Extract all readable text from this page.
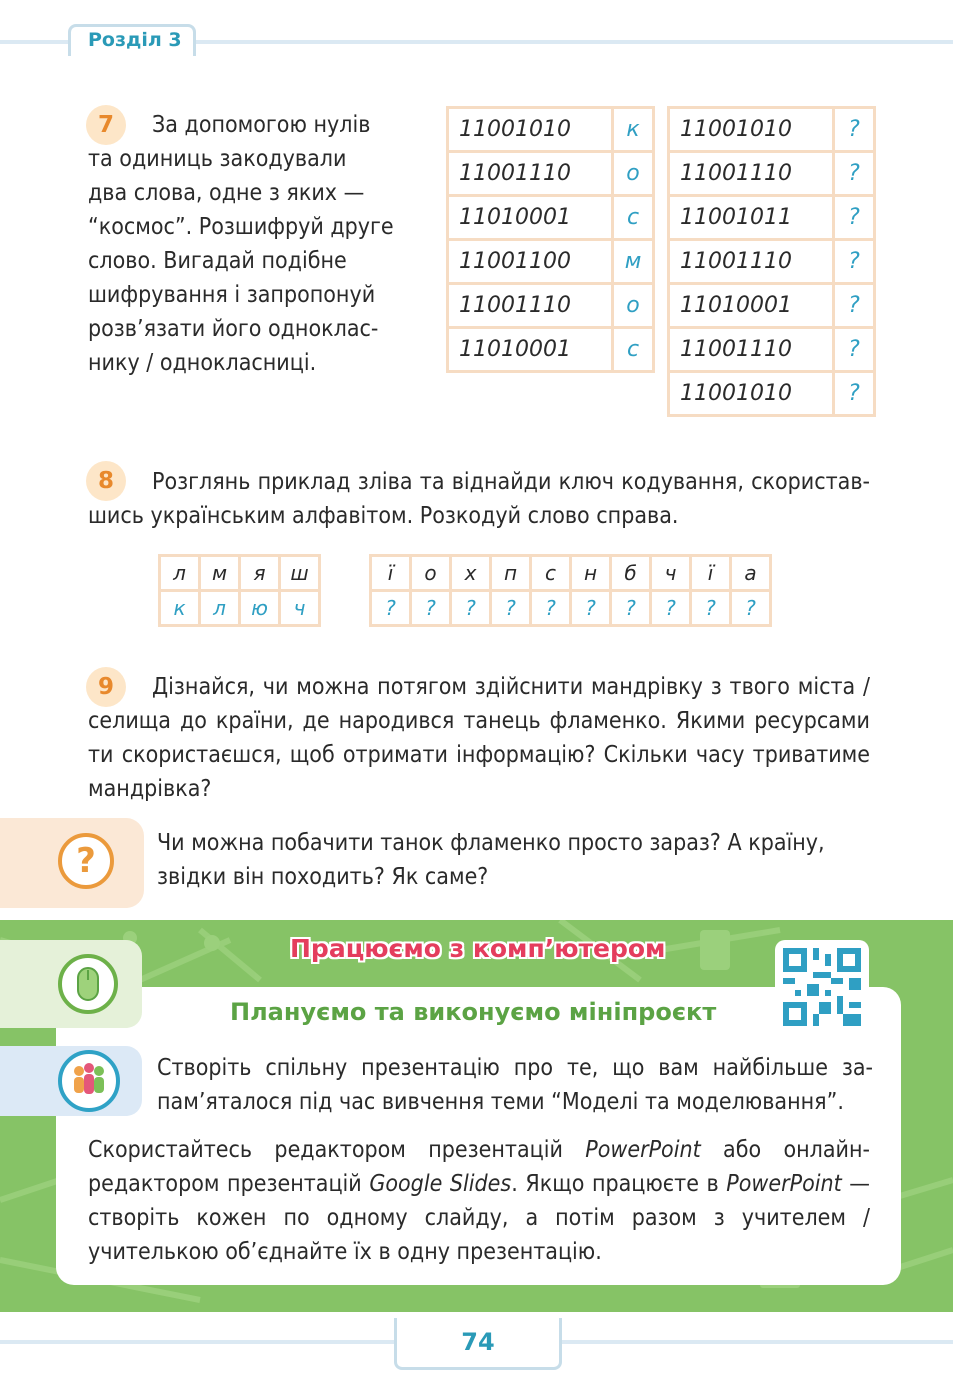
Розділ 3
7	За допомогою нулів
та одиниць закодували
два слова, одне з яких —
“космос”. Розшифруй друге
слово. Вигадай подібне
шифрування і запропонуй
розв’язати його одноклас-
нику / однокласниці.
11001010	к
11001110	о
11010001	с
11001100	м
11001110	о
11010001	с
11001010	?
11001110	?
11001011	?
11001110	?
11010001	?
11001110	?
11001010	?
8	Розглянь приклад зліва та віднайди ключ кодування, скориставшись українським алфавітом. Розкодуй слово справа.
л	м	я	ш
к	л	ю	ч
ї	о	х	п	с	н	б	ч	ї	а
?	?	?	?	?	?	?	?	?	?
9	Дізнайся, чи можна потягом здійснити мандрівку з твого міста / селища до країни, де народився танець фламенко. Якими ресурсами ти скористаєшся, щоб отримати інформацію? Скільки часу триватиме мандрівка?
?	Чи можна побачити танок фламенко просто зараз? А країну, звідки він походить? Як саме?
Працюємо з комп’ютером
Плануємо та виконуємо мініпроєкт
Створіть спільну презентацію про те, що вам найбільше запам’яталося під час вивчення теми “Моделі та моделювання”.
Скористайтесь редактором презентацій PowerPoint або онлайн-редактором презентацій Google Slides. Якщо працюєте в PowerPoint — створіть кожен по одному слайду, а потім разом з учителем / учителькою об’єднайте їх в одну презентацію.
74
